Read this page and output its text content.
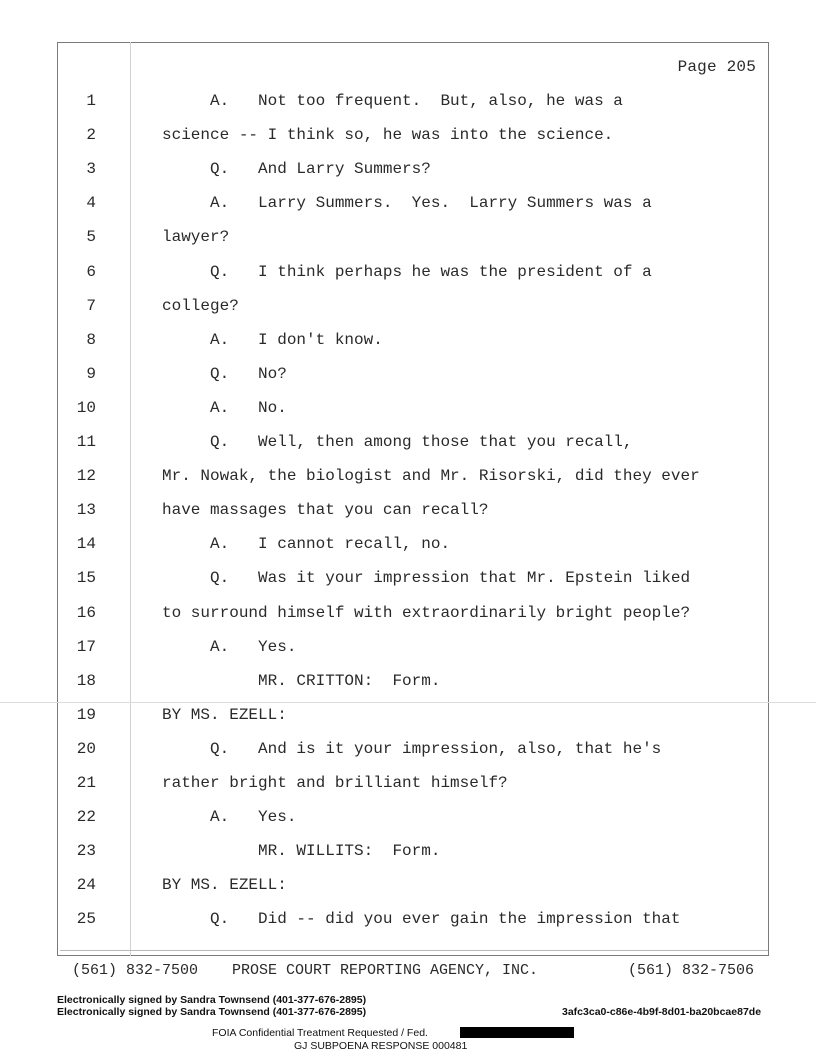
Page 205
1	A.   Not too frequent.  But, also, he was a
2	science -- I think so, he was into the science.
3	Q.   And Larry Summers?
4	A.   Larry Summers.  Yes.  Larry Summers was a
5	lawyer?
6	Q.   I think perhaps he was the president of a
7	college?
8	A.   I don't know.
9	Q.   No?
10	A.   No.
11	Q.   Well, then among those that you recall,
12	Mr. Nowak, the biologist and Mr. Risorski, did they ever
13	have massages that you can recall?
14	A.   I cannot recall, no.
15	Q.   Was it your impression that Mr. Epstein liked
16	to surround himself with extraordinarily bright people?
17	A.   Yes.
18	MR. CRITTON:  Form.
19	BY MS. EZELL:
20	Q.   And is it your impression, also, that he's
21	rather bright and brilliant himself?
22	A.   Yes.
23	MR. WILLITS:  Form.
24	BY MS. EZELL:
25	Q.   Did -- did you ever gain the impression that

(561) 832-7500

PROSE COURT REPORTING AGENCY, INC.

	(561) 832-7506

Electronically signed by Sandra Townsend (401-377-676-2895)
Electronically signed by Sandra Townsend (401-377-676-2895)	3afc3ca0-c86e-4b9f-8d01-ba20bcae87de
FOIA Confidential Treatment Requested / Fed.
GJ SUBPOENA RESPONSE 000481
